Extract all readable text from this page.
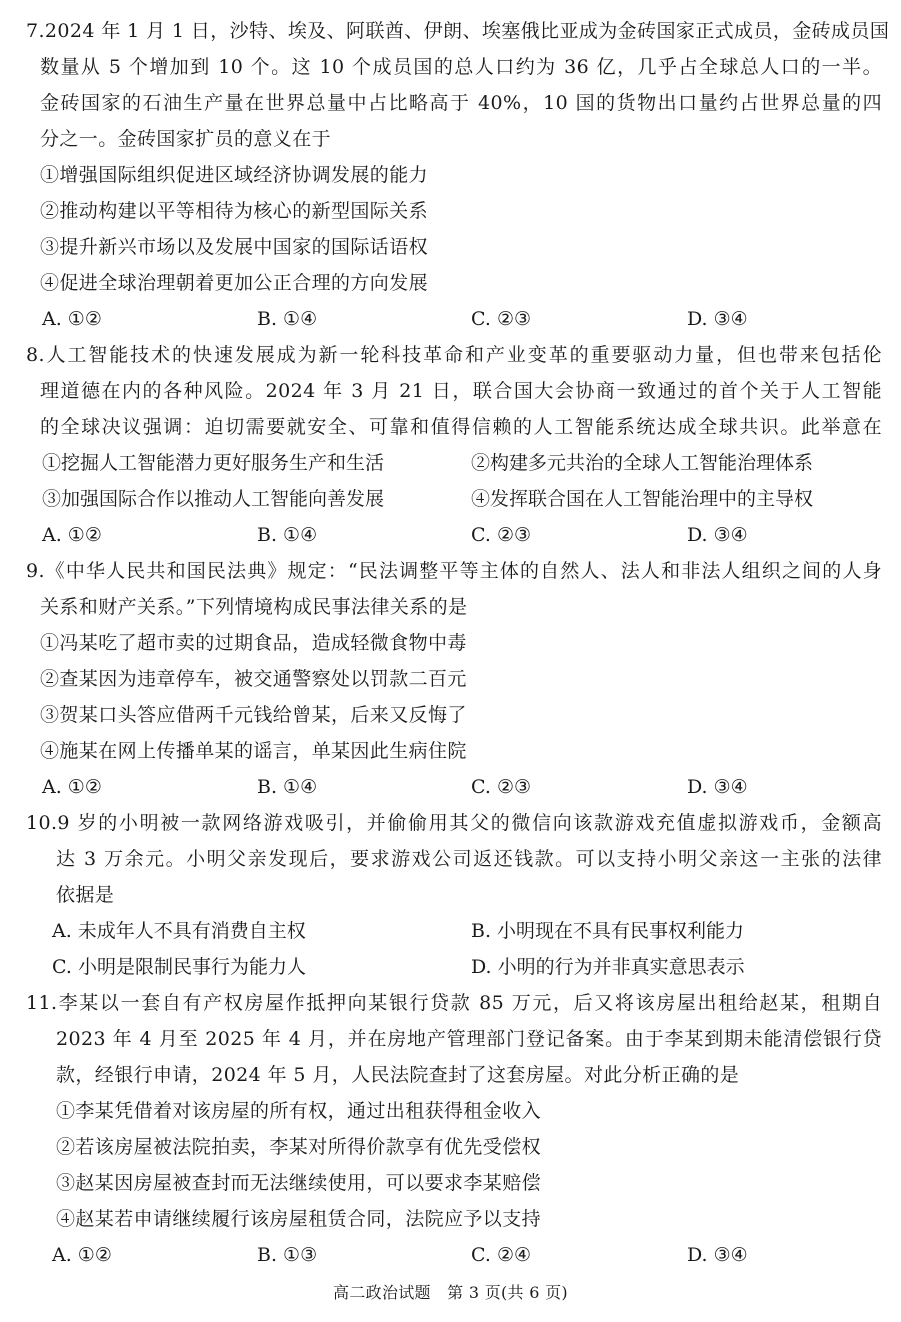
7.2024 年 1 月 1 日，沙特、埃及、阿联酋、伊朗、埃塞俄比亚成为金砖国家正式成员，金砖成员国
数量从 5 个增加到 10 个。这 10 个成员国的总人口约为 36 亿，几乎占全球总人口的一半。
金砖国家的石油生产量在世界总量中占比略高于 40%，10 国的货物出口量约占世界总量的四
分之一。金砖国家扩员的意义在于
①增强国际组织促进区域经济协调发展的能力
②推动构建以平等相待为核心的新型国际关系
③提升新兴市场以及发展中国家的国际话语权
④促进全球治理朝着更加公正合理的方向发展
A. ①②	B. ①④	C. ②③	D. ③④
8.人工智能技术的快速发展成为新一轮科技革命和产业变革的重要驱动力量，但也带来包括伦
理道德在内的各种风险。2024 年 3 月 21 日，联合国大会协商一致通过的首个关于人工智能
的全球决议强调：迫切需要就安全、可靠和值得信赖的人工智能系统达成全球共识。此举意在
①挖掘人工智能潜力更好服务生产和生活	②构建多元共治的全球人工智能治理体系
③加强国际合作以推动人工智能向善发展	④发挥联合国在人工智能治理中的主导权
A. ①②	B. ①④	C. ②③	D. ③④
9.《中华人民共和国民法典》规定：“民法调整平等主体的自然人、法人和非法人组织之间的人身
关系和财产关系。”下列情境构成民事法律关系的是
①冯某吃了超市卖的过期食品，造成轻微食物中毒
②查某因为违章停车，被交通警察处以罚款二百元
③贺某口头答应借两千元钱给曾某，后来又反悔了
④施某在网上传播单某的谣言，单某因此生病住院
A. ①②	B. ①④	C. ②③	D. ③④
10.9 岁的小明被一款网络游戏吸引，并偷偷用其父的微信向该款游戏充值虚拟游戏币，金额高
达 3 万余元。小明父亲发现后，要求游戏公司返还钱款。可以支持小明父亲这一主张的法律
依据是
A. 未成年人不具有消费自主权	B. 小明现在不具有民事权利能力
C. 小明是限制民事行为能力人	D. 小明的行为并非真实意思表示
11.李某以一套自有产权房屋作抵押向某银行贷款 85 万元，后又将该房屋出租给赵某，租期自
2023 年 4 月至 2025 年 4 月，并在房地产管理部门登记备案。由于李某到期未能清偿银行贷
款，经银行申请，2024 年 5 月，人民法院查封了这套房屋。对此分析正确的是
①李某凭借着对该房屋的所有权，通过出租获得租金收入
②若该房屋被法院拍卖，李某对所得价款享有优先受偿权
③赵某因房屋被查封而无法继续使用，可以要求李某赔偿
④赵某若申请继续履行该房屋租赁合同，法院应予以支持
A. ①②	B. ①③	C. ②④	D. ③④
高二政治试题　第 3 页(共 6 页)
